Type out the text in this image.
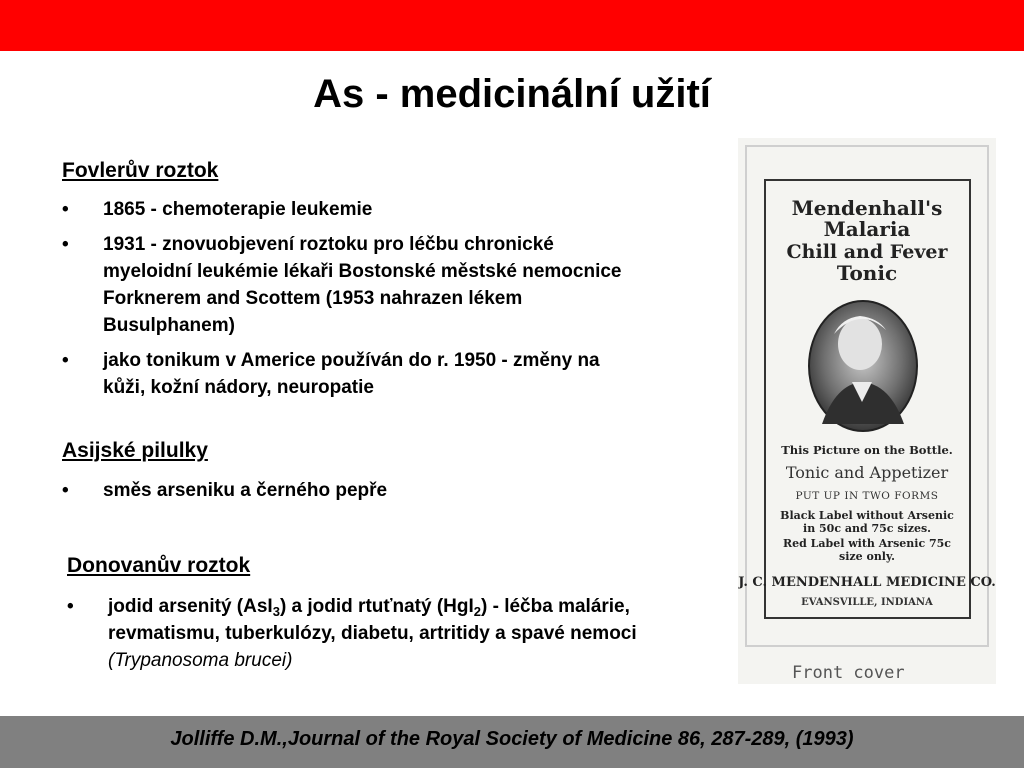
As - medicinální užití
Fovlerův roztok
• 1865 - chemoterapie leukemie
• 1931 - znovuobjevení roztoku pro léčbu chronické
myeloidní leukémie lékaři Bostonské městské nemocnice
Forknerem and Scottem (1953 nahrazen lékem
Busulphanem)
• jako tonikum v Americe používán do r. 1950 - změny na
kůži, kožní nádory, neuropatie
Asijské pilulky
• směs arseniku a černého pepře
Donovanův roztok
• jodid arsenitý (AsI$_3$) a jodid rtuťnatý (HgI$_2$) - léčba malárie,
revmatismu, tuberkulózy, diabetu, artritidy a spavé nemoci
(Trypanosoma brucei)
Mendenhall's
Malaria
Chill and Fever
Tonic
This Picture on the Bottle.
Tonic and Appetizer
PUT UP IN TWO FORMS
Black Label without Arsenic
in 50c and 75c sizes.
Red Label with Arsenic 75c
size only.
J. C. MENDENHALL MEDICINE CO.
EVANSVILLE, INDIANA
Front cover
Jolliffe D.M.,Journal of the Royal Society of Medicine 86, 287-289, (1993)
